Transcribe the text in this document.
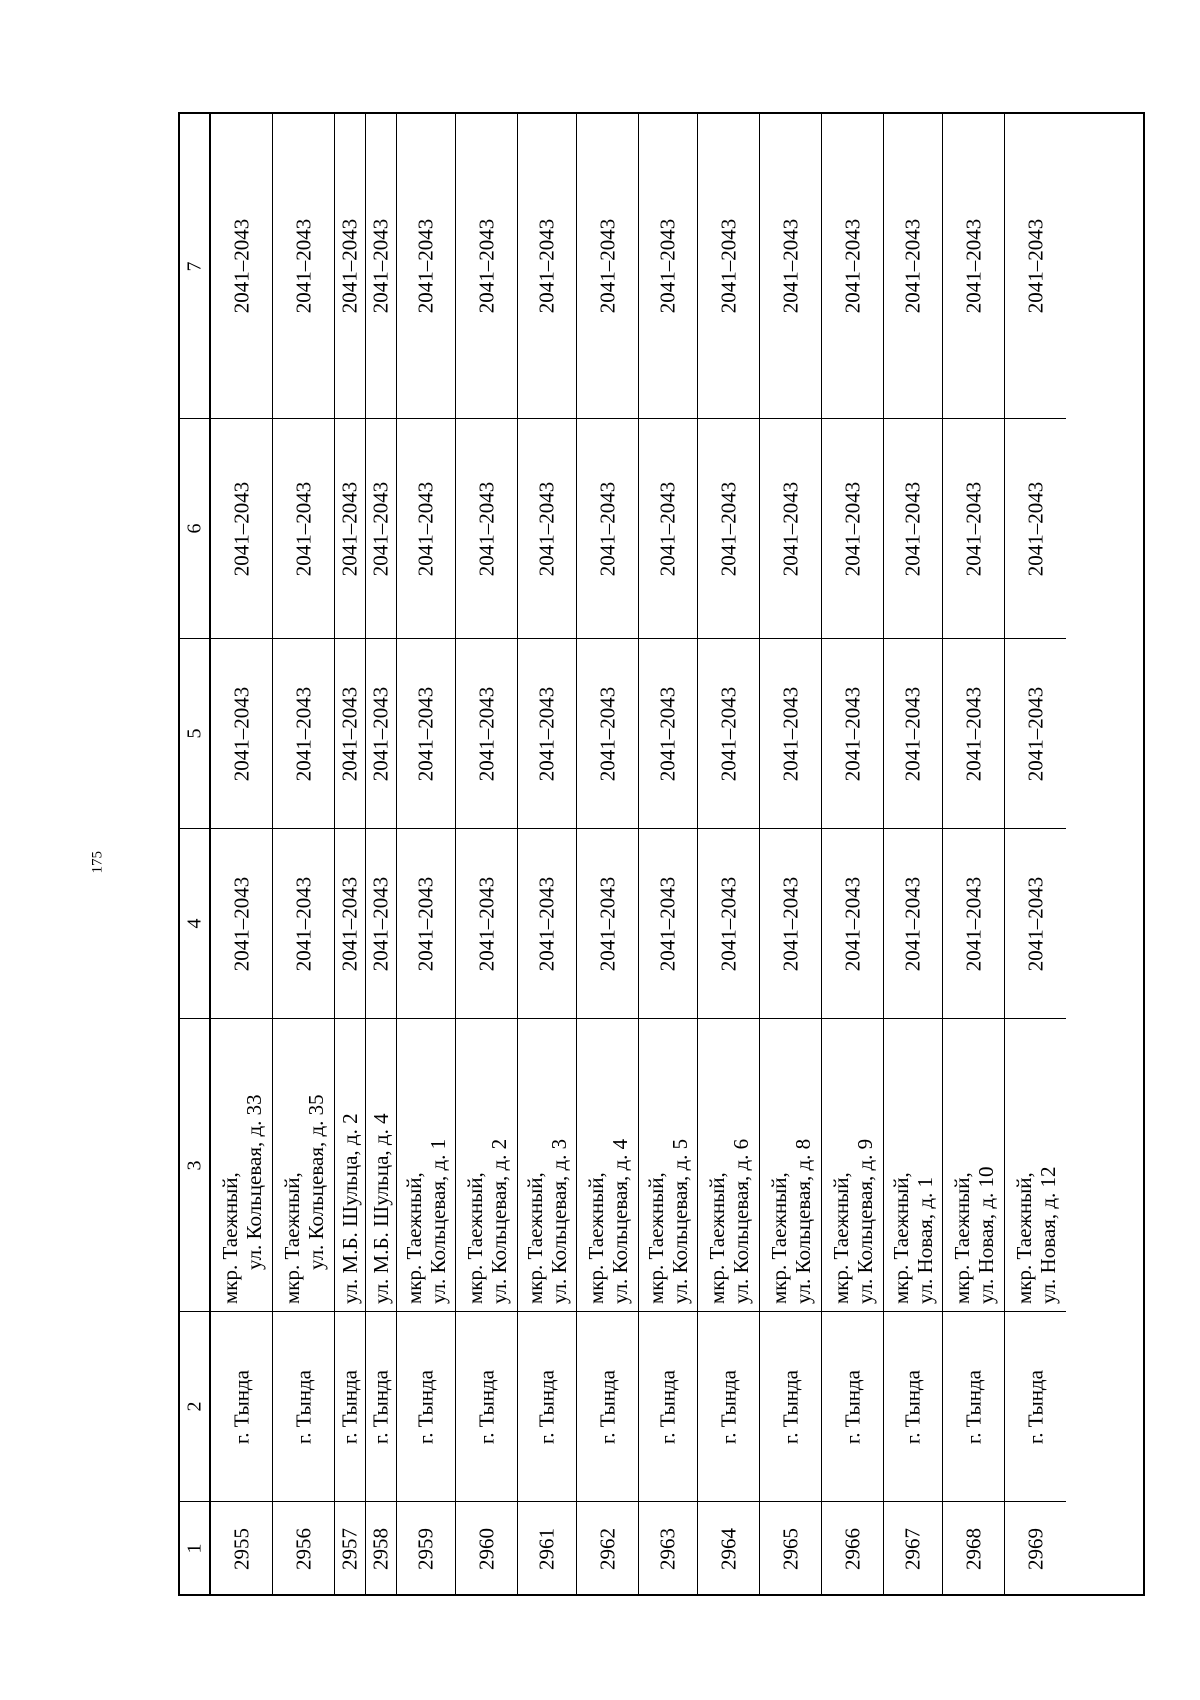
175
1
2
3
4
5
6
7
2955
г. Тында
мкр. Таежный, ул. Кольцевая, д. 33
2041–2043
2041–2043
2041–2043
2041–2043
2956
г. Тында
мкр. Таежный, ул. Кольцевая, д. 35
2041–2043
2041–2043
2041–2043
2041–2043
2957
г. Тында
ул. М.Б. Шульца, д. 2
2041–2043
2041–2043
2041–2043
2041–2043
2958
г. Тында
ул. М.Б. Шульца, д. 4
2041–2043
2041–2043
2041–2043
2041–2043
2959
г. Тында
мкр. Таежный, ул. Кольцевая, д. 1
2041–2043
2041–2043
2041–2043
2041–2043
2960
г. Тында
мкр. Таежный, ул. Кольцевая, д. 2
2041–2043
2041–2043
2041–2043
2041–2043
2961
г. Тында
мкр. Таежный, ул. Кольцевая, д. 3
2041–2043
2041–2043
2041–2043
2041–2043
2962
г. Тында
мкр. Таежный, ул. Кольцевая, д. 4
2041–2043
2041–2043
2041–2043
2041–2043
2963
г. Тында
мкр. Таежный, ул. Кольцевая, д. 5
2041–2043
2041–2043
2041–2043
2041–2043
2964
г. Тында
мкр. Таежный, ул. Кольцевая, д. 6
2041–2043
2041–2043
2041–2043
2041–2043
2965
г. Тында
мкр. Таежный, ул. Кольцевая, д. 8
2041–2043
2041–2043
2041–2043
2041–2043
2966
г. Тында
мкр. Таежный, ул. Кольцевая, д. 9
2041–2043
2041–2043
2041–2043
2041–2043
2967
г. Тында
мкр. Таежный, ул. Новая, д. 1
2041–2043
2041–2043
2041–2043
2041–2043
2968
г. Тында
мкр. Таежный, ул. Новая, д. 10
2041–2043
2041–2043
2041–2043
2041–2043
2969
г. Тында
мкр. Таежный, ул. Новая, д. 12
2041–2043
2041–2043
2041–2043
2041–2043
